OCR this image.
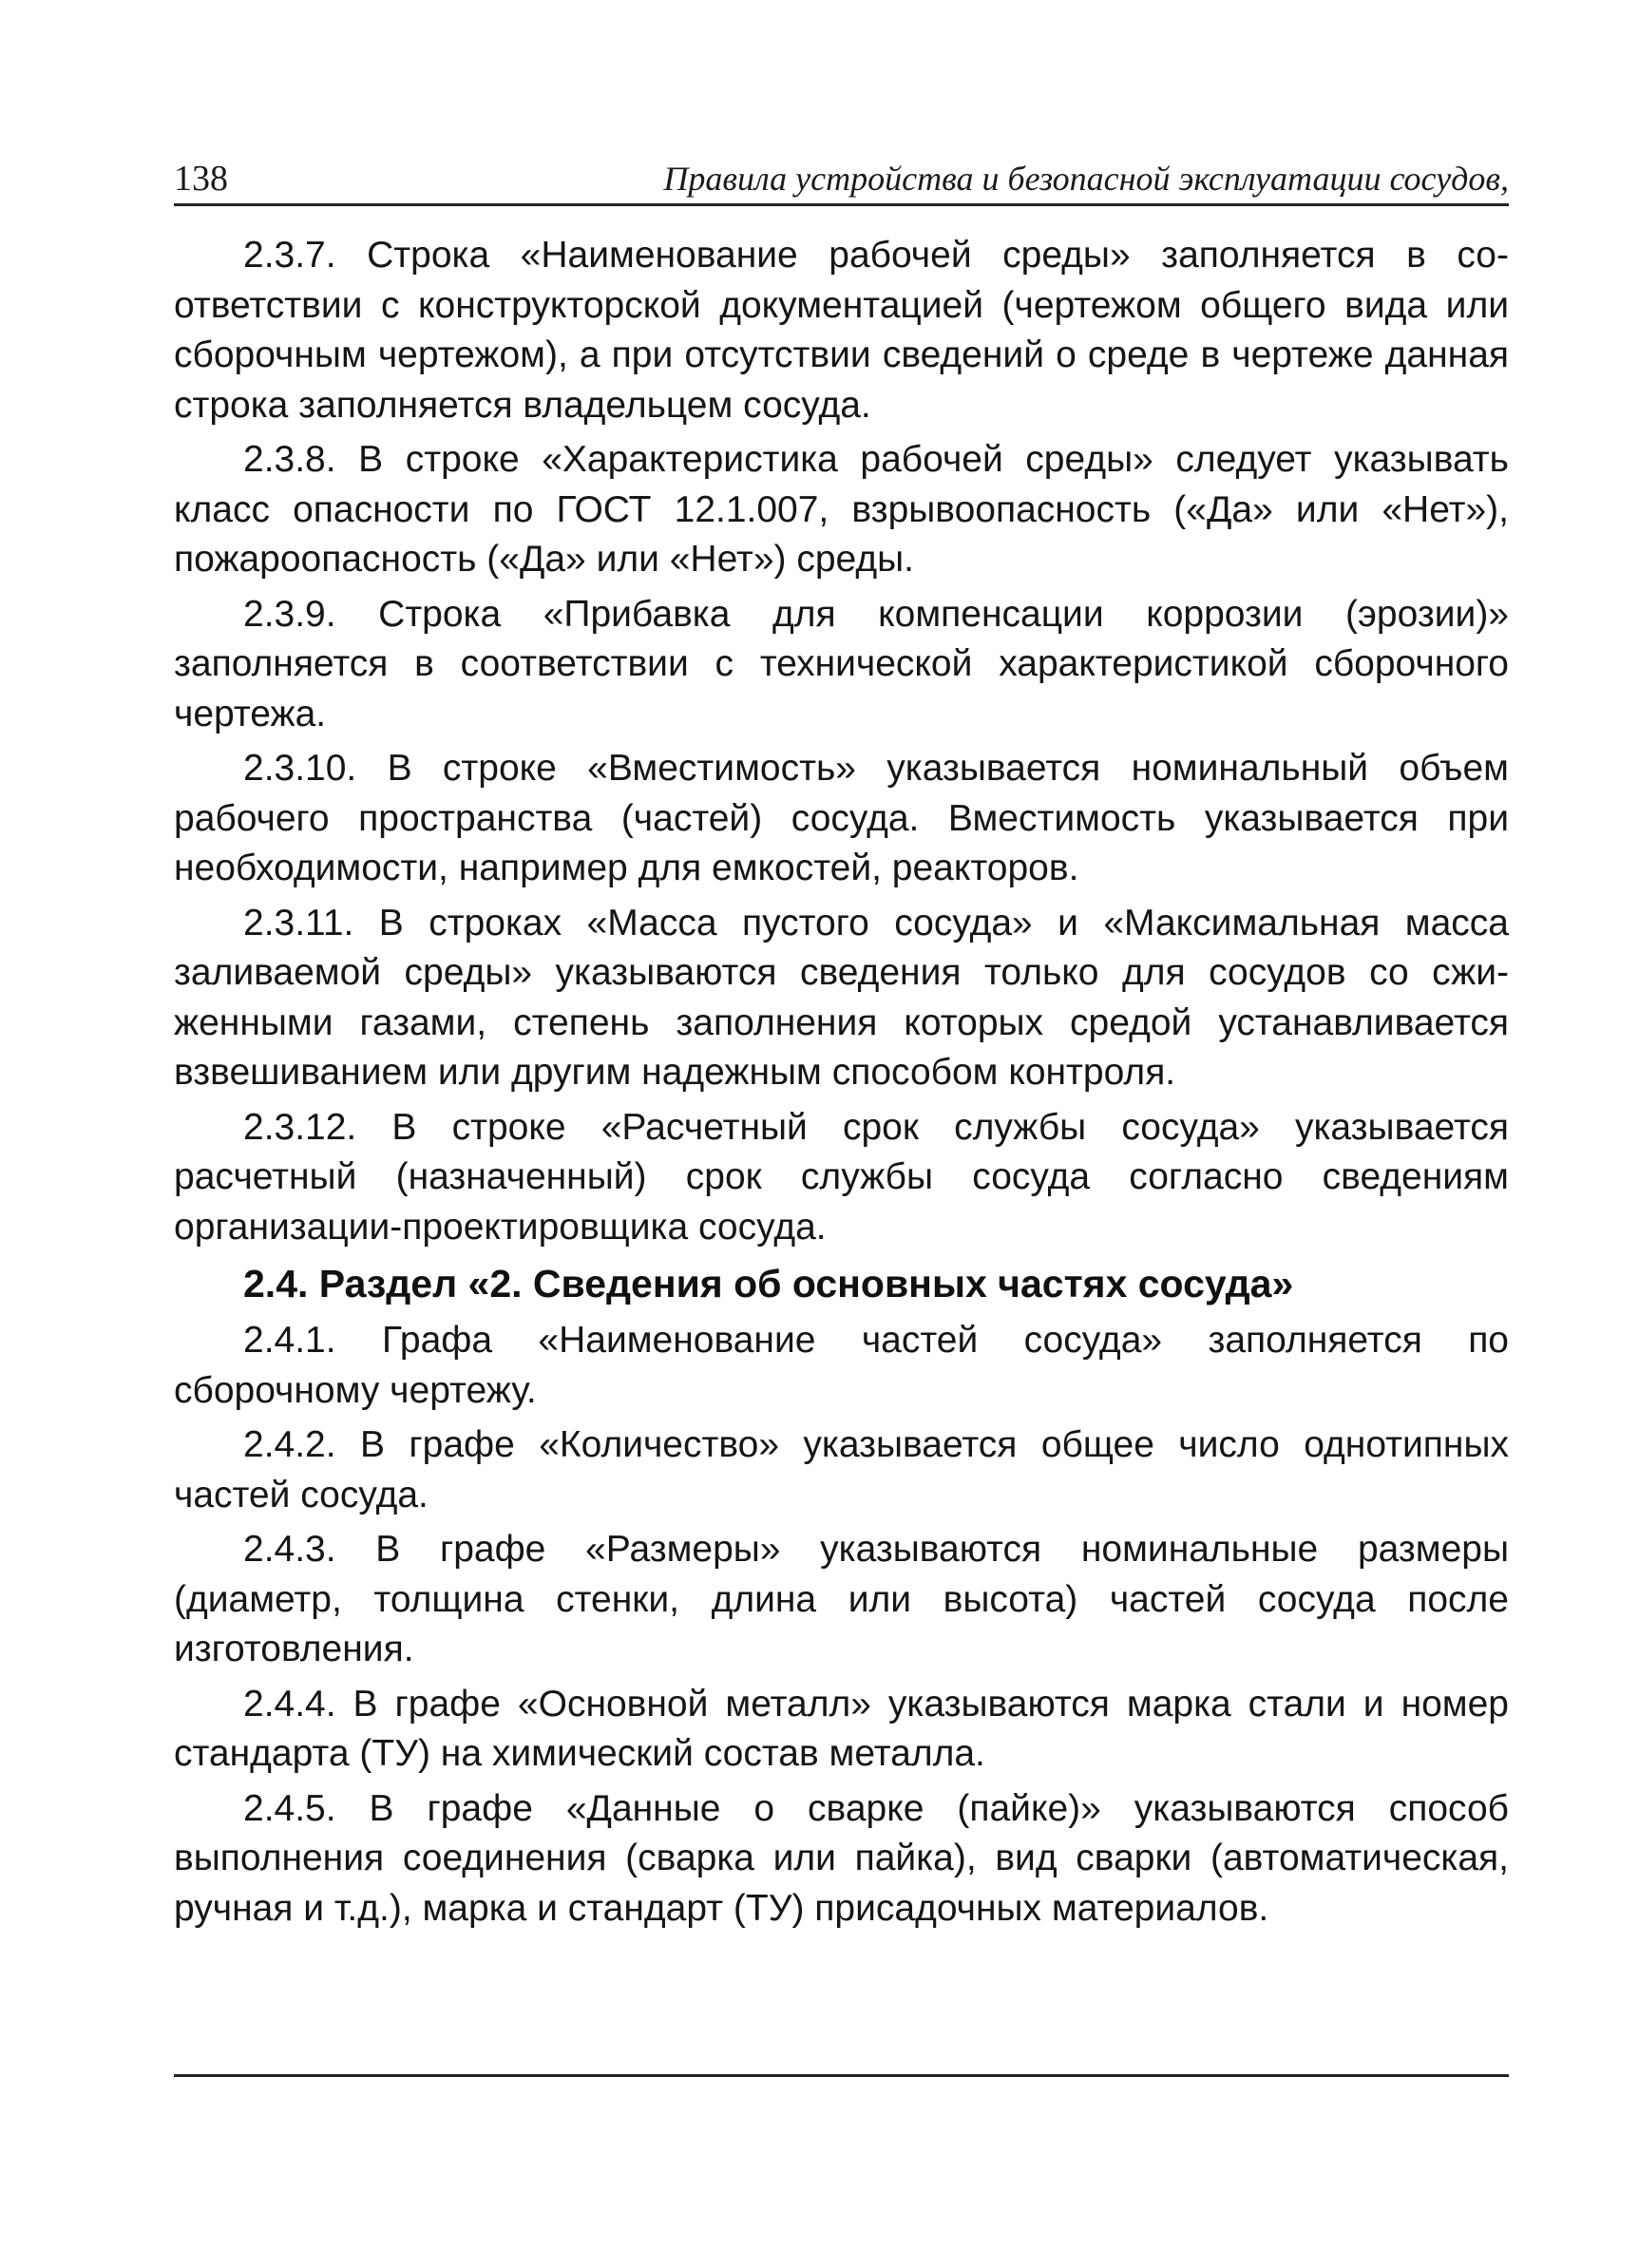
138	Правила устройства и безопасной эксплуатации сосудов,

2.3.7. Строка «Наименование рабочей среды» заполняется в соответствии с конструкторской документацией (чертежом общего вида или сборочным чертежом), а при отсутствии сведений о среде в чертеже данная строка заполняется владельцем сосуда.

2.3.8. В строке «Характеристика рабочей среды» следует указывать класс опасности по ГОСТ 12.1.007, взрывоопасность («Да» или «Нет»), пожароопасность («Да» или «Нет») среды.

2.3.9. Строка «Прибавка для компенсации коррозии (эрозии)» заполняется в соответствии с технической характеристикой сборочного чертежа.

2.3.10. В строке «Вместимость» указывается номинальный объем рабочего пространства (частей) сосуда. Вместимость указывается при необходимости, например для емкостей, реакторов.

2.3.11. В строках «Масса пустого сосуда» и «Максимальная масса заливаемой среды» указываются сведения только для сосудов со сжиженными газами, степень заполнения которых средой устанавливается взвешиванием или другим надежным способом контроля.

2.3.12. В строке «Расчетный срок службы сосуда» указывается расчетный (назначенный) срок службы сосуда согласно сведениям организации-проектировщика сосуда.

2.4. Раздел «2. Сведения об основных частях сосуда»

2.4.1. Графа «Наименование частей сосуда» заполняется по сборочному чертежу.

2.4.2. В графе «Количество» указывается общее число однотипных частей сосуда.

2.4.3. В графе «Размеры» указываются номинальные размеры (диаметр, толщина стенки, длина или высота) частей сосуда после изготовления.

2.4.4. В графе «Основной металл» указываются марка стали и номер стандарта (ТУ) на химический состав металла.

2.4.5. В графе «Данные о сварке (пайке)» указываются способ выполнения соединения (сварка или пайка), вид сварки (автоматическая, ручная и т.д.), марка и стандарт (ТУ) присадочных материалов.
